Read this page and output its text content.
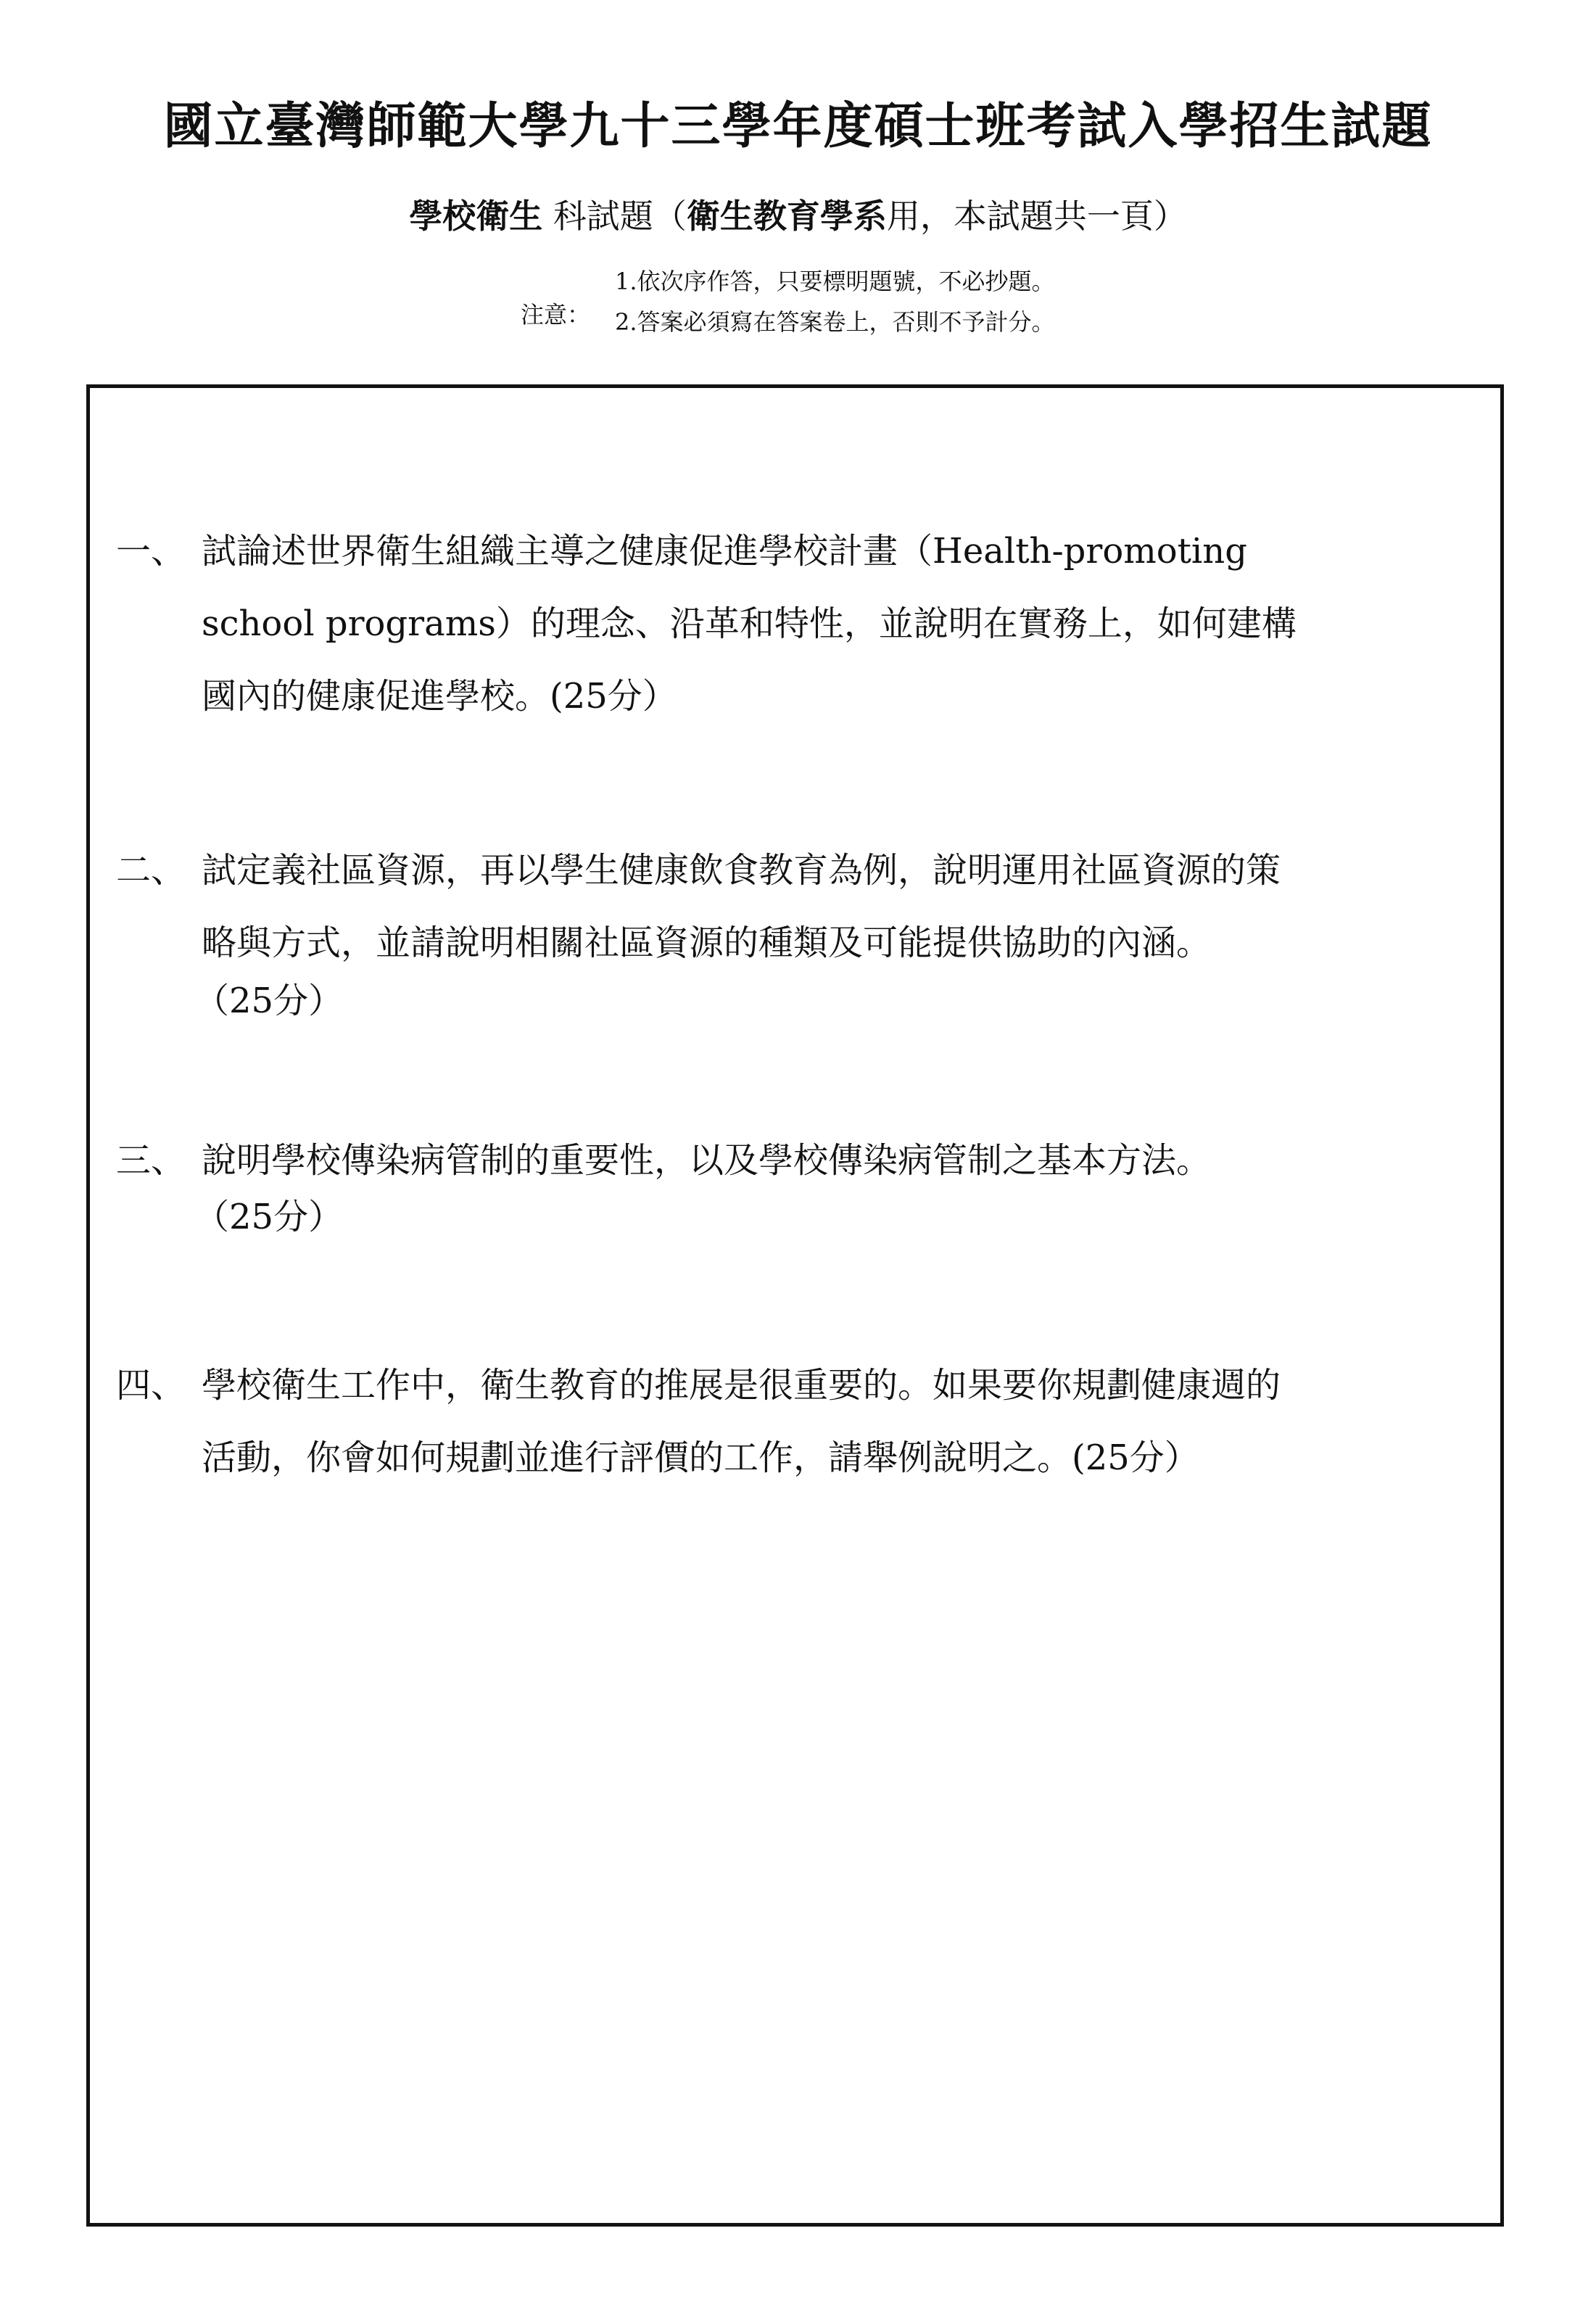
國立臺灣師範大學九十三學年度碩士班考試入學招生試題
學校衛生 科試題（衛生教育學系用，本試題共一頁）
注意：
1.依次序作答，只要標明題號，不必抄題。
2.答案必須寫在答案卷上，否則不予計分。
一、 試論述世界衛生組織主導之健康促進學校計畫（Health-promoting
school programs）的理念、沿革和特性，並說明在實務上，如何建構
國內的健康促進學校。(25分）
二、 試定義社區資源，再以學生健康飲食教育為例，說明運用社區資源的策
略與方式，並請說明相關社區資源的種類及可能提供協助的內涵。
（25分）
三、 說明學校傳染病管制的重要性，以及學校傳染病管制之基本方法。
（25分）
四、 學校衛生工作中，衛生教育的推展是很重要的。如果要你規劃健康週的
活動，你會如何規劃並進行評價的工作，請舉例說明之。(25分）
